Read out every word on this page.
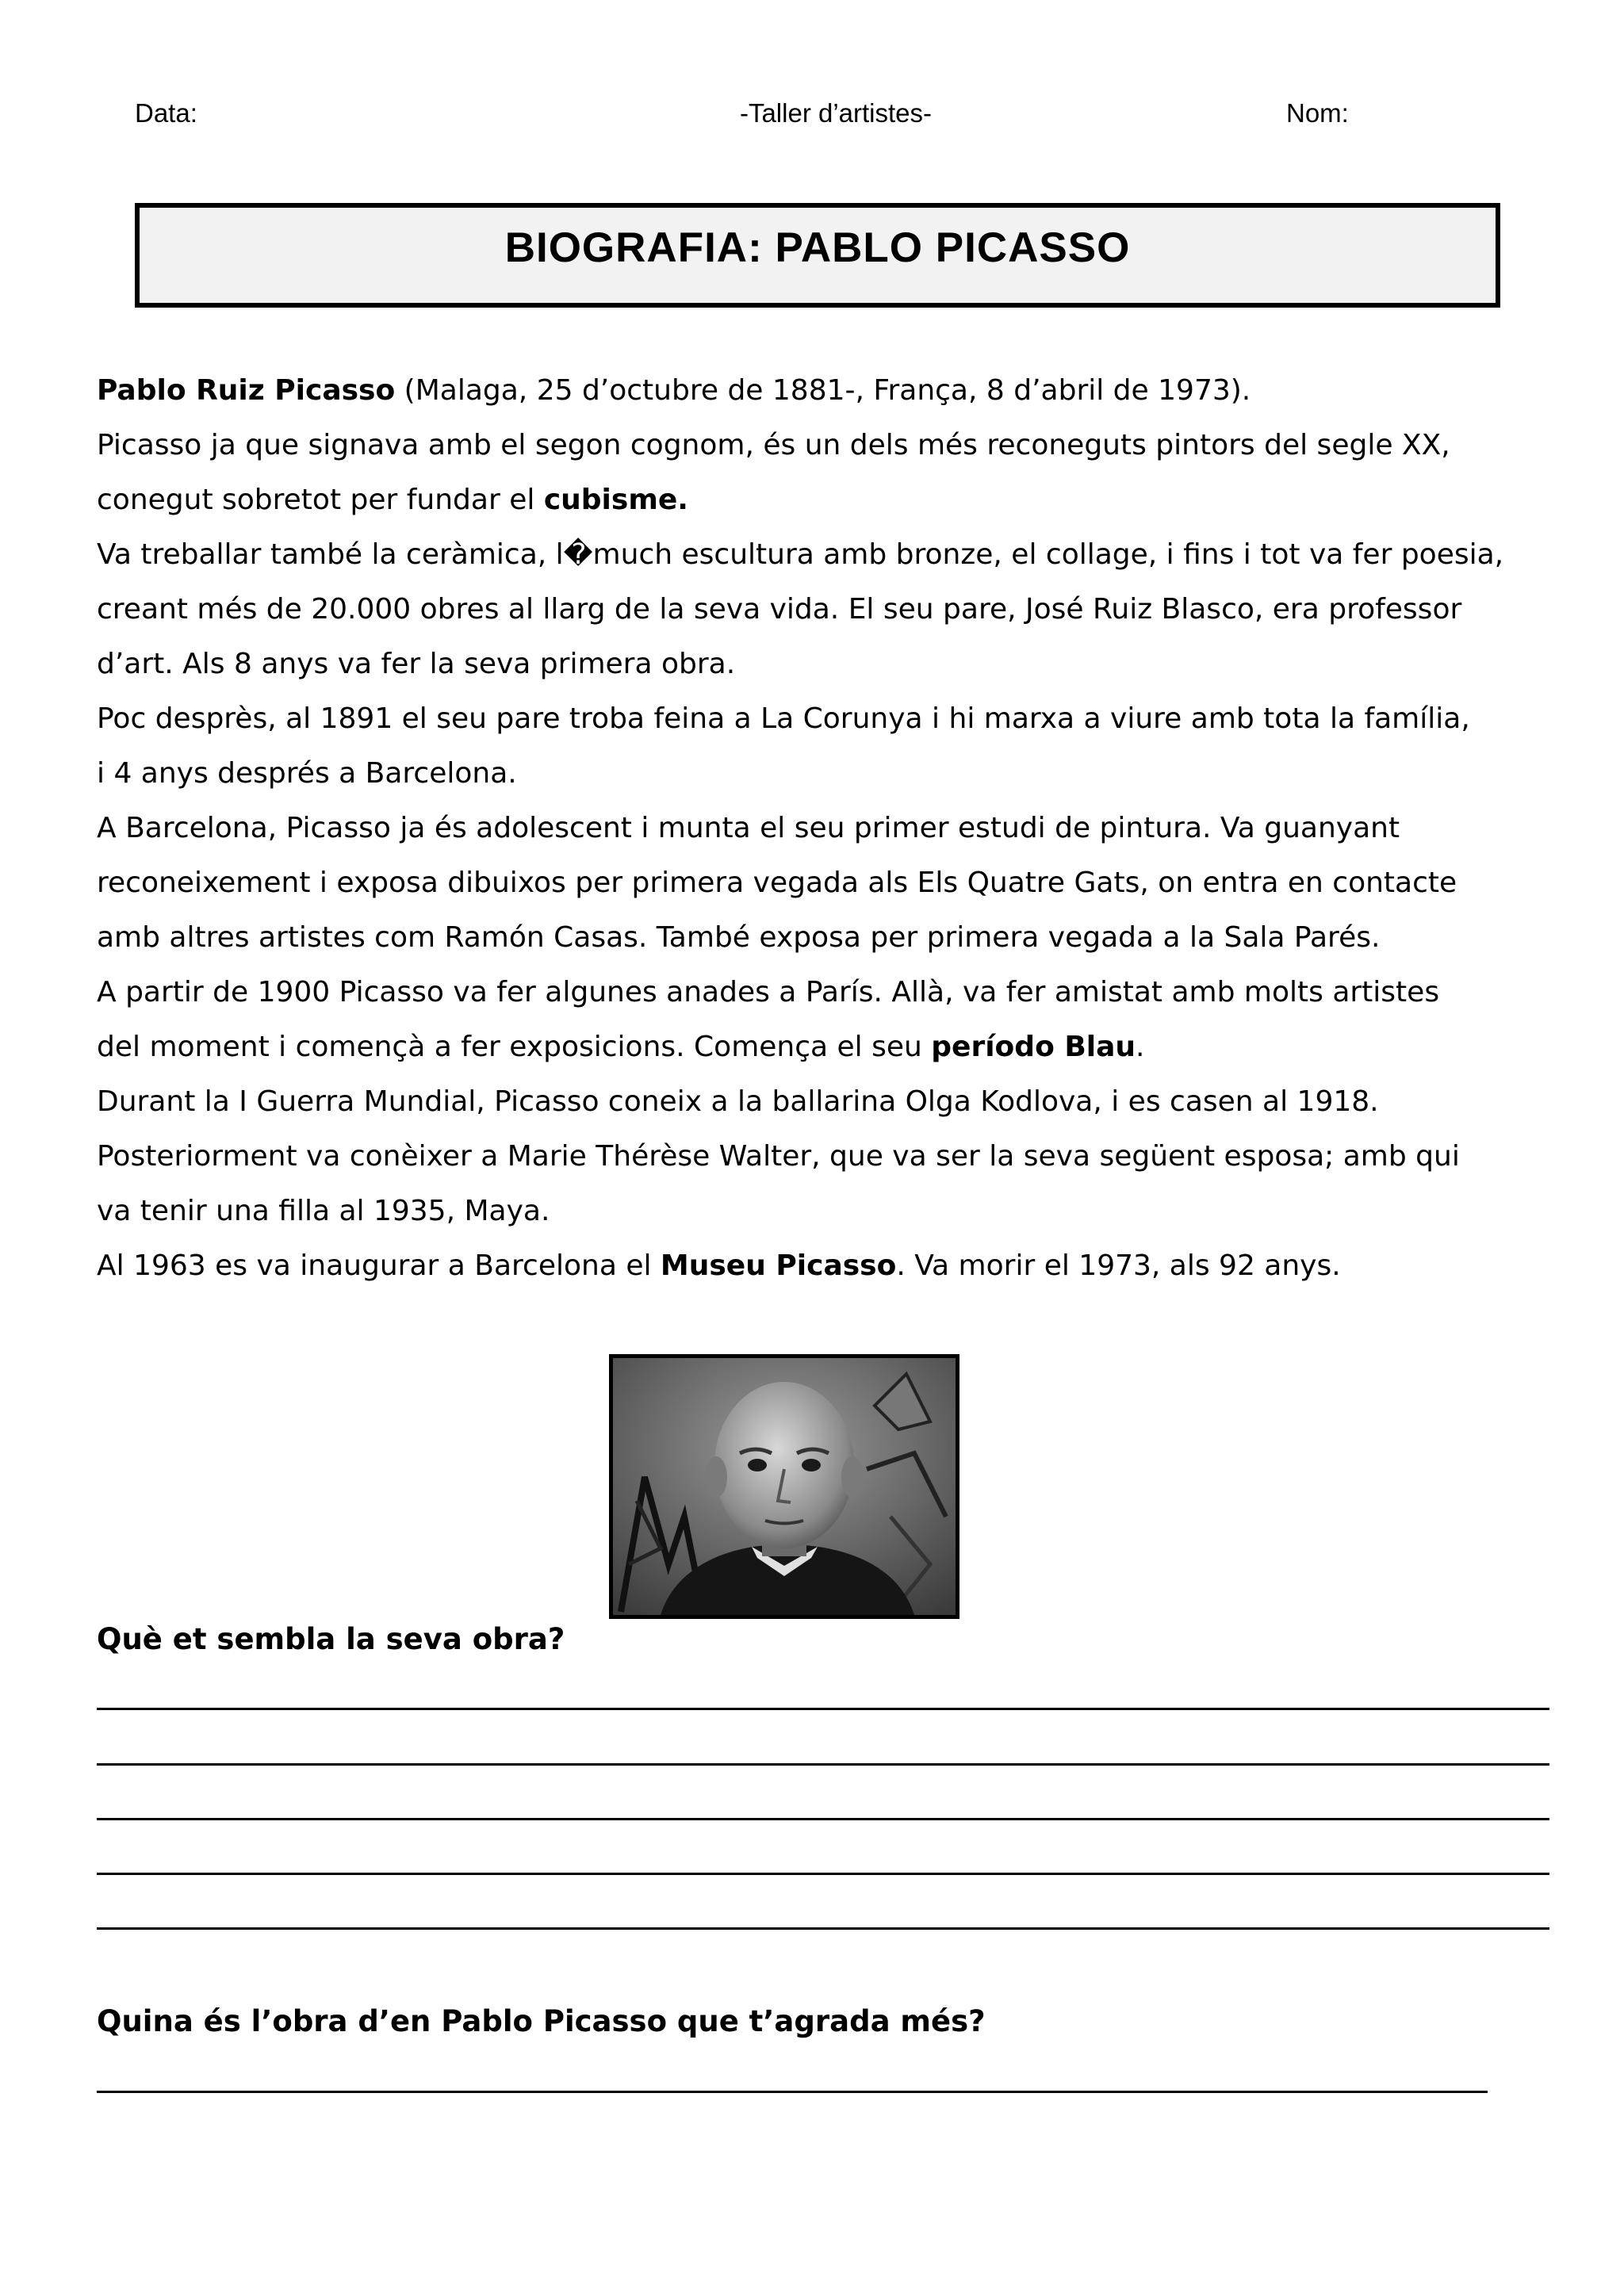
Data:	-Taller d’artistes-	Nom:
BIOGRAFIA: PABLO PICASSO

Pablo Ruiz Picasso (Malaga, 25 d’octubre de 1881-, França, 8 d’abril de 1973).

Picasso ja que signava amb el segon cognom, és un dels més reconeguts pintors del segle XX,

conegut sobretot per fundar el cubisme.

Va treballar també la ceràmica, l�much escultura amb bronze, el collage, i fins i tot va fer poesia,

creant més de 20.000 obres al llarg de la seva vida. El seu pare, José Ruiz Blasco, era professor

d’art. Als 8 anys va fer la seva primera obra.

Poc desprès, al 1891 el seu pare troba feina a La Corunya i hi marxa a viure amb tota la família,

i 4 anys després a Barcelona.

A Barcelona, Picasso ja és adolescent i munta el seu primer estudi de pintura. Va guanyant

reconeixement i exposa dibuixos per primera vegada als Els Quatre Gats, on entra en contacte

amb altres artistes com Ramón Casas. També exposa per primera vegada a la Sala Parés.

A partir de 1900 Picasso va fer algunes anades a París. Allà, va fer amistat amb molts artistes

del moment i començà a fer exposicions. Comença el seu período Blau.

Durant la I Guerra Mundial, Picasso coneix a la ballarina Olga Kodlova, i es casen al 1918.

Posteriorment va conèixer a Marie Thérèse Walter, que va ser la seva següent esposa; amb qui

va tenir una filla al 1935, Maya.

Al 1963 es va inaugurar a Barcelona el Museu Picasso. Va morir el 1973, als 92 anys.

Què et sembla la seva obra?
Quina és l’obra d’en Pablo Picasso que t’agrada més?
